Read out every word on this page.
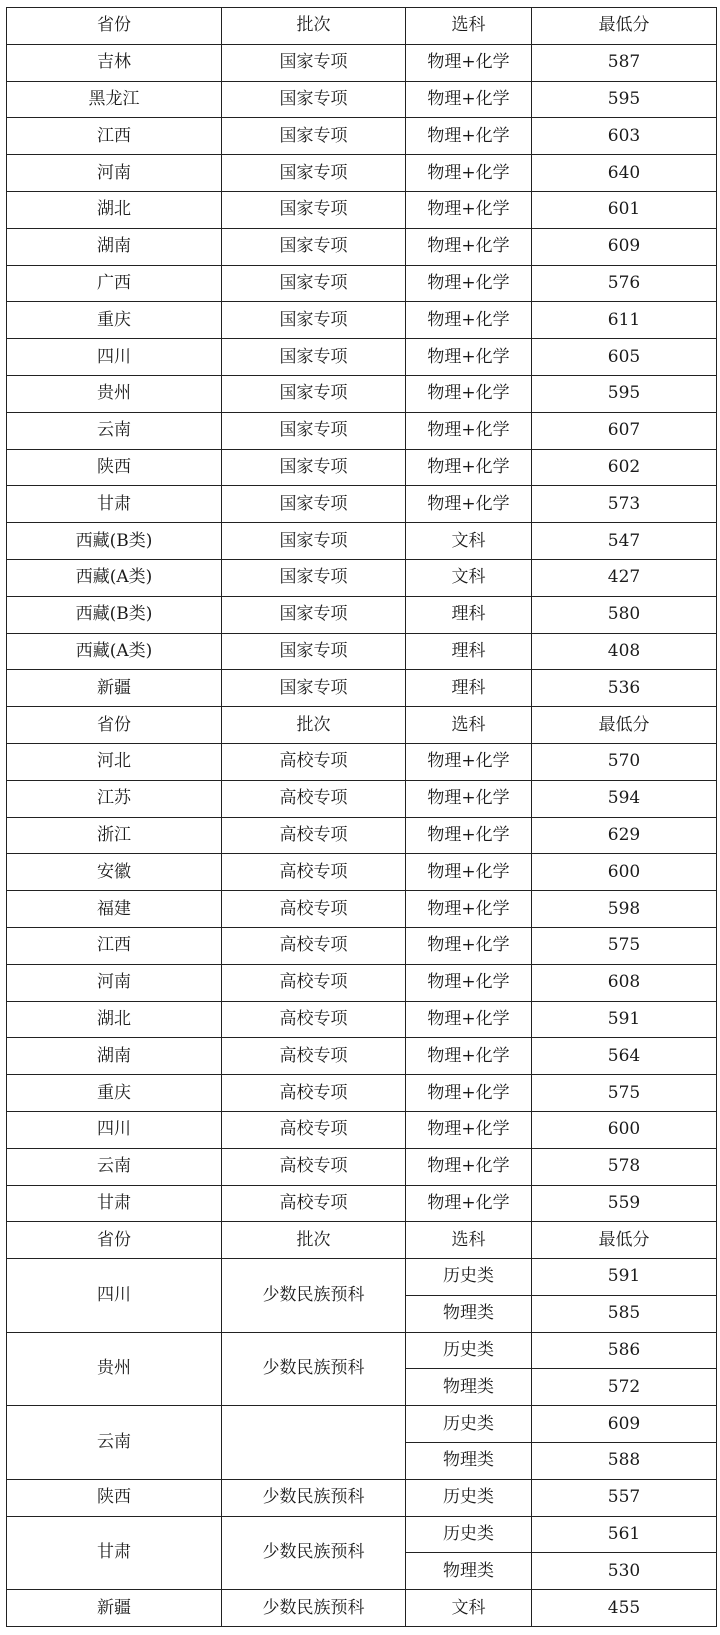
省份	批次	选科	最低分
吉林	国家专项	物理+化学	587
黑龙江	国家专项	物理+化学	595
江西	国家专项	物理+化学	603
河南	国家专项	物理+化学	640
湖北	国家专项	物理+化学	601
湖南	国家专项	物理+化学	609
广西	国家专项	物理+化学	576
重庆	国家专项	物理+化学	611
四川	国家专项	物理+化学	605
贵州	国家专项	物理+化学	595
云南	国家专项	物理+化学	607
陕西	国家专项	物理+化学	602
甘肃	国家专项	物理+化学	573
西藏(B类)	国家专项	文科	547
西藏(A类)	国家专项	文科	427
西藏(B类)	国家专项	理科	580
西藏(A类)	国家专项	理科	408
新疆	国家专项	理科	536
省份	批次	选科	最低分
河北	高校专项	物理+化学	570
江苏	高校专项	物理+化学	594
浙江	高校专项	物理+化学	629
安徽	高校专项	物理+化学	600
福建	高校专项	物理+化学	598
江西	高校专项	物理+化学	575
河南	高校专项	物理+化学	608
湖北	高校专项	物理+化学	591
湖南	高校专项	物理+化学	564
重庆	高校专项	物理+化学	575
四川	高校专项	物理+化学	600
云南	高校专项	物理+化学	578
甘肃	高校专项	物理+化学	559
省份	批次	选科	最低分
四川	少数民族预科	历史类	591
		物理类	585
贵州	少数民族预科	历史类	586
		物理类	572
云南		历史类	609
		物理类	588
陕西	少数民族预科	历史类	557
甘肃	少数民族预科	历史类	561
		物理类	530
新疆	少数民族预科	文科	455
